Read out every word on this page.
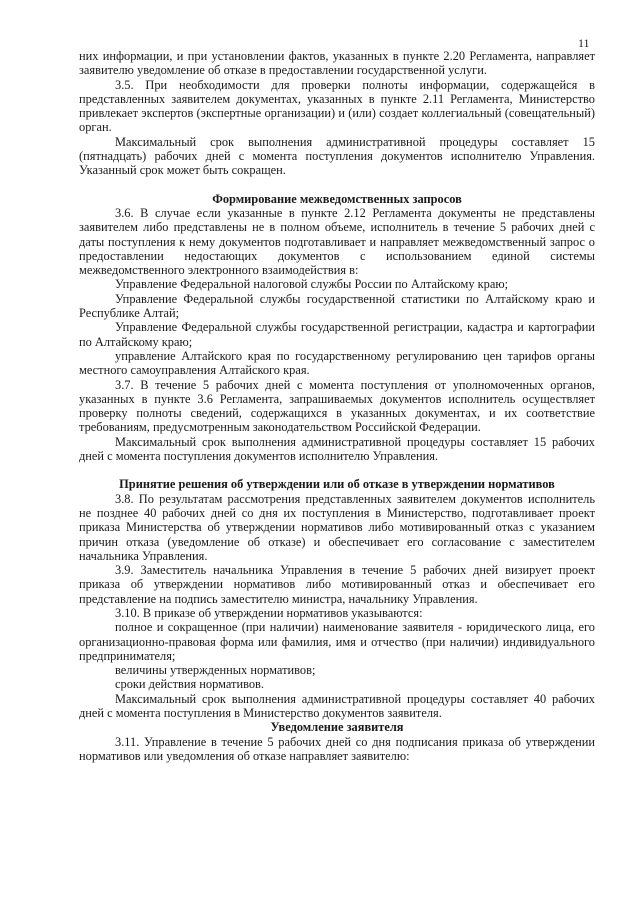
11

них информации, и при установлении фактов, указанных в пункте 2.20 Регламента, направляет заявителю уведомление об отказе в предоставлении государственной услуги.

3.5. При необходимости для проверки полноты информации, содержащейся в представленных заявителем документах, указанных в пункте 2.11 Регламента, Министерство привлекает экспертов (экспертные организации) и (или) создает коллегиальный (совещательный) орган.

Максимальный срок выполнения административной процедуры составляет 15 (пятнадцать) рабочих дней с момента поступления документов исполнителю Управления. Указанный срок может быть сокращен.

Формирование межведомственных запросов

3.6. В случае если указанные в пункте 2.12 Регламента документы не представлены заявителем либо представлены не в полном объеме, исполнитель в течение 5 рабочих дней с даты поступления к нему документов подготавливает и направляет межведомственный запрос о предоставлении недостающих документов с использованием единой системы межведомственного электронного взаимодействия в:

Управление Федеральной налоговой службы России по Алтайскому краю;

Управление Федеральной службы государственной статистики по Алтайскому краю и Республике Алтай;

Управление Федеральной службы государственной регистрации, кадастра и картографии по Алтайскому краю;

управление Алтайского края по государственному регулированию цен тарифов органы местного самоуправления Алтайского края.

3.7. В течение 5 рабочих дней с момента поступления от уполномоченных органов, указанных в пункте 3.6 Регламента, запрашиваемых документов исполнитель осуществляет проверку полноты сведений, содержащихся в указанных документах, и их соответствие требованиям, предусмотренным законодательством Российской Федерации.

Максимальный срок выполнения административной процедуры составляет 15 рабочих дней с момента поступления документов исполнителю Управления.

Принятие решения об утверждении или об отказе в утверждении нормативов

3.8. По результатам рассмотрения представленных заявителем документов исполнитель не позднее 40 рабочих дней со дня их поступления в Министерство, подготавливает проект приказа Министерства об утверждении нормативов либо мотивированный отказ с указанием причин отказа (уведомление об отказе) и обеспечивает его согласование с заместителем начальника Управления.

3.9. Заместитель начальника Управления в течение 5 рабочих дней визирует проект приказа об утверждении нормативов либо мотивированный отказ и обеспечивает его представление на подпись заместителю министра, начальнику Управления.

3.10. В приказе об утверждении нормативов указываются:

полное и сокращенное (при наличии) наименование заявителя - юридического лица, его организационно-правовая форма или фамилия, имя и отчество (при наличии) индивидуального предпринимателя;

величины утвержденных нормативов;

сроки действия нормативов.

Максимальный срок выполнения административной процедуры составляет 40 рабочих дней с момента поступления в Министерство документов заявителя.

Уведомление заявителя

3.11. Управление в течение 5 рабочих дней со дня подписания приказа об утверждении нормативов или уведомления об отказе направляет заявителю:
